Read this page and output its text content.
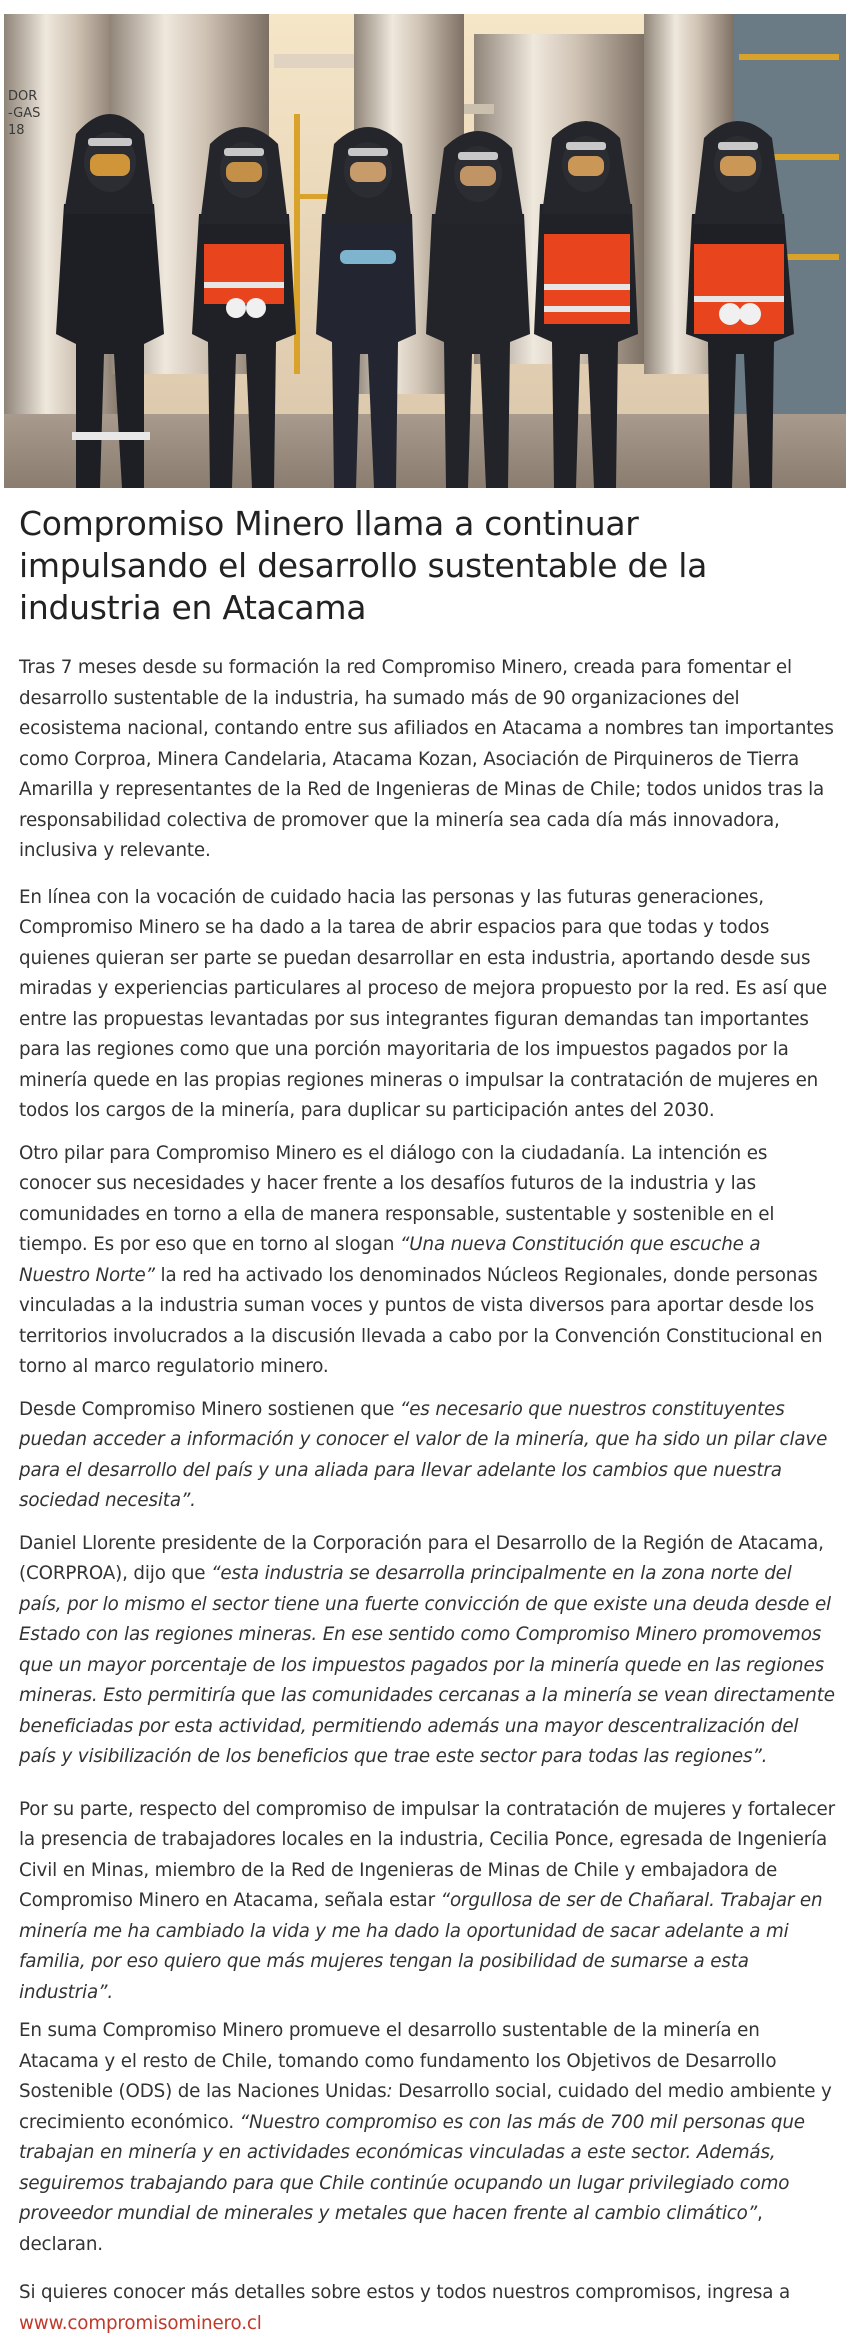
DOR
-GAS
18
Compromiso Minero llama a continuar impulsando el desarrollo sustentable de la industria en Atacama

Tras 7 meses desde su formación la red Compromiso Minero, creada para fomentar el desarrollo sustentable de la industria, ha sumado más de 90 organizaciones del ecosistema nacional, contando entre sus afiliados en Atacama a nombres tan importantes como Corproa, Minera Candelaria, Atacama Kozan, Asociación de Pirquineros de Tierra Amarilla y representantes de la Red de Ingenieras de Minas de Chile; todos unidos tras la responsabilidad colectiva de promover que la minería sea cada día más innovadora, inclusiva y relevante.

En línea con la vocación de cuidado hacia las personas y las futuras generaciones, Compromiso Minero se ha dado a la tarea de abrir espacios para que todas y todos quienes quieran ser parte se puedan desarrollar en esta industria, aportando desde sus miradas y experiencias particulares al proceso de mejora propuesto por la red. Es así que entre las propuestas levantadas por sus integrantes figuran demandas tan importantes para las regiones como que una porción mayoritaria de los impuestos pagados por la minería quede en las propias regiones mineras o impulsar la contratación de mujeres en todos los cargos de la minería, para duplicar su participación antes del 2030.

Otro pilar para Compromiso Minero es el diálogo con la ciudadanía. La intención es conocer sus necesidades y hacer frente a los desafíos futuros de la industria y las comunidades en torno a ella de manera responsable, sustentable y sostenible en el tiempo. Es por eso que en torno al slogan “Una nueva Constitución que escuche a Nuestro Norte” la red ha activado los denominados Núcleos Regionales, donde personas vinculadas a la industria suman voces y puntos de vista diversos para aportar desde los territorios involucrados a la discusión llevada a cabo por la Convención Constitucional en torno al marco regulatorio minero.

Desde Compromiso Minero sostienen que “es necesario que nuestros constituyentes puedan acceder a información y conocer el valor de la minería, que ha sido un pilar clave para el desarrollo del país y una aliada para llevar adelante los cambios que nuestra sociedad necesita”.

Daniel Llorente presidente de la Corporación para el Desarrollo de la Región de Atacama, (CORPROA), dijo que “esta industria se desarrolla principalmente en la zona norte del país, por lo mismo el sector tiene una fuerte convicción de que existe una deuda desde el Estado con las regiones mineras. En ese sentido como Compromiso Minero promovemos que un mayor porcentaje de los impuestos pagados por la minería quede en las regiones mineras. Esto permitiría que las comunidades cercanas a la minería se vean directamente beneficiadas por esta actividad, permitiendo además una mayor descentralización del país y visibilización de los beneficios que trae este sector para todas las regiones”.

Por su parte, respecto del compromiso de impulsar la contratación de mujeres y fortalecer la presencia de trabajadores locales en la industria, Cecilia Ponce, egresada de Ingeniería Civil en Minas, miembro de la Red de Ingenieras de Minas de Chile y embajadora de Compromiso Minero en Atacama, señala estar “orgullosa de ser de Chañaral. Trabajar en minería me ha cambiado la vida y me ha dado la oportunidad de sacar adelante a mi familia, por eso quiero que más mujeres tengan la posibilidad de sumarse a esta industria”.

En suma Compromiso Minero promueve el desarrollo sustentable de la minería en Atacama y el resto de Chile, tomando como fundamento los Objetivos de Desarrollo Sostenible (ODS) de las Naciones Unidas: Desarrollo social, cuidado del medio ambiente y crecimiento económico. “Nuestro compromiso es con las más de 700 mil personas que trabajan en minería y en actividades económicas vinculadas a este sector. Además, seguiremos trabajando para que Chile continúe ocupando un lugar privilegiado como proveedor mundial de minerales y metales que hacen frente al cambio climático”, declaran.

Si quieres conocer más detalles sobre estos y todos nuestros compromisos, ingresa a www.compromisominero.cl
